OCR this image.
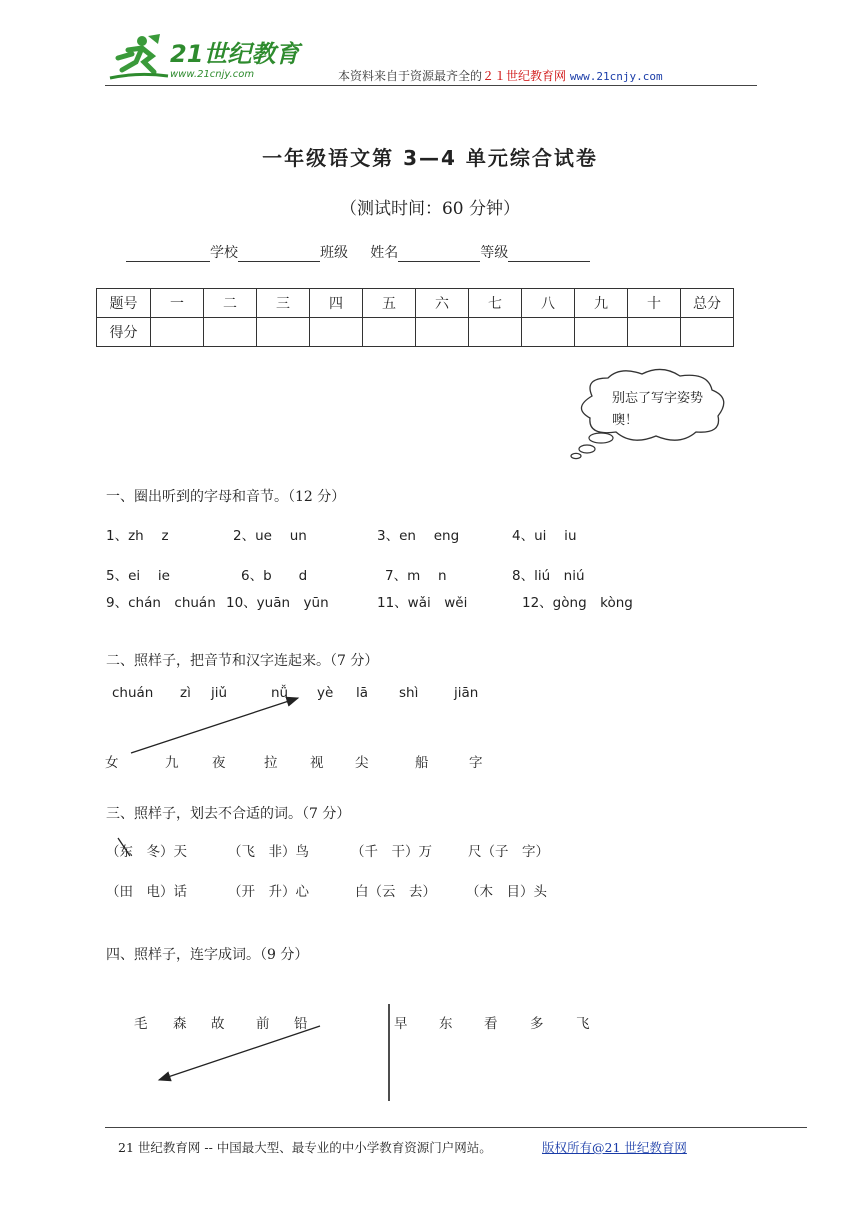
21世纪教育
www.21cnjy.com	本资料来自于资源最齐全的２１世纪教育网 www.21cnjy.com
一年级语文第 3—4 单元综合试卷
（测试时间：60 分钟）
学校	班级 姓名	等级
题号	一	二	三	四	五	六	七	八	九	十	总分
得分											
别忘了写字姿势噢！
一、圈出听到的字母和音节。（12 分）
1、zh　 z	2、ue　 un	3、en　 eng	4、ui　 iu
5、ei　 ie	6、b　　d	7、m　 n	8、liú　niú
9、chán　chuán 10、yuān　yūn	11、wǎi　wěi	12、gòng　kòng
二、照样子，把音节和汉字连起来。（7 分）
chuán zì jiǔ	nǚ yè lā shì	jiān
女	九 夜	拉 视 尖	船	字
三、照样子，划去不合适的词。（7 分）
（东　冬）天	（飞　非）鸟	（千　干）万	尺（子　字）
（田　电）话	（开　升）心	白（云　去） （木　目）头
四、照样子，连字成词。（9 分）
毛 森 故 前 铅	早 东 看 多 飞
21 世纪教育网 -- 中国最大型、最专业的中小学教育资源门户网站。	版权所有@21 世纪教育网
